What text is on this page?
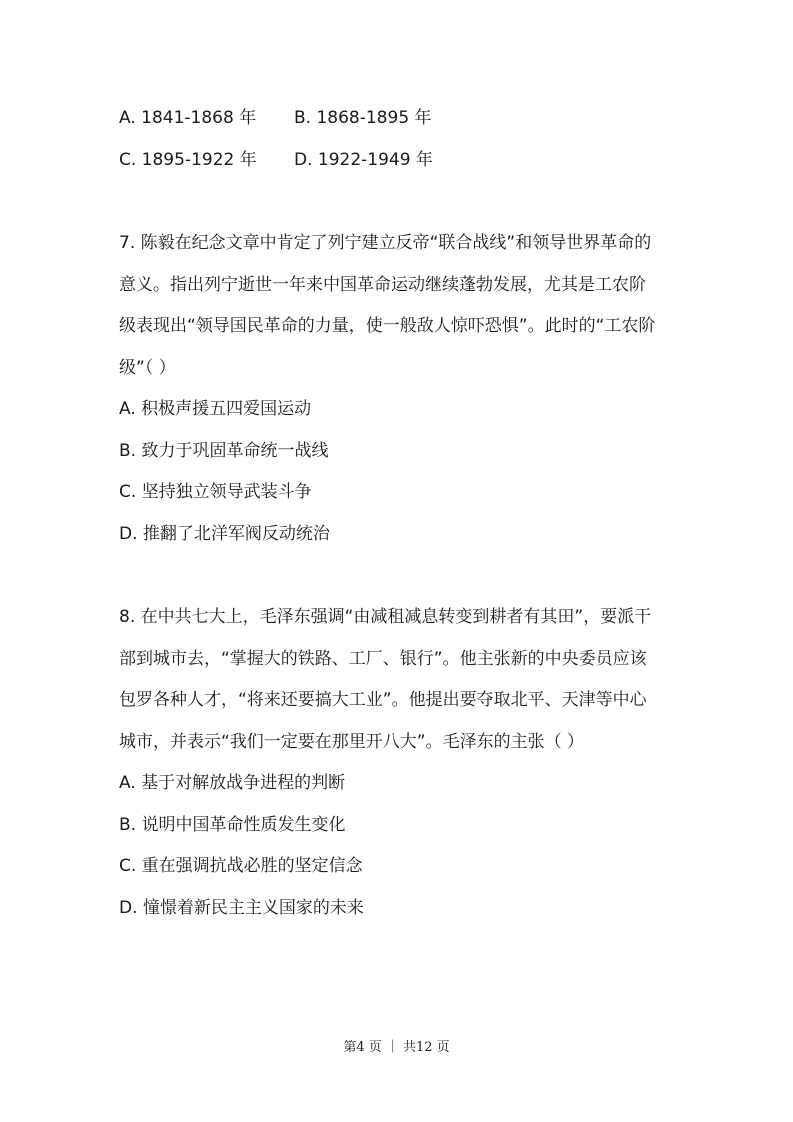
A. 1841-1868 年 B. 1868-1895 年
C. 1895-1922 年 D. 1922-1949 年
7. 陈毅在纪念文章中肯定了列宁建立反帝“联合战线”和领导世界革命的
意义。指出列宁逝世一年来中国革命运动继续蓬勃发展，尤其是工农阶
级表现出“领导国民革命的力量，使一般敌人惊吓恐惧”。此时的“工农阶
级”（ ）
A. 积极声援五四爱国运动
B. 致力于巩固革命统一战线
C. 坚持独立领导武装斗争
D. 推翻了北洋军阀反动统治
8. 在中共七大上，毛泽东强调“由减租减息转变到耕者有其田”，要派干
部到城市去，“掌握大的铁路、工厂、银行”。他主张新的中央委员应该
包罗各种人才，“将来还要搞大工业”。他提出要夺取北平、天津等中心
城市，并表示“我们一定要在那里开八大”。毛泽东的主张（ ）
A. 基于对解放战争进程的判断
B. 说明中国革命性质发生变化
C. 重在强调抗战必胜的坚定信念
D. 憧憬着新民主主义国家的未来
第4 页 ｜ 共12 页
